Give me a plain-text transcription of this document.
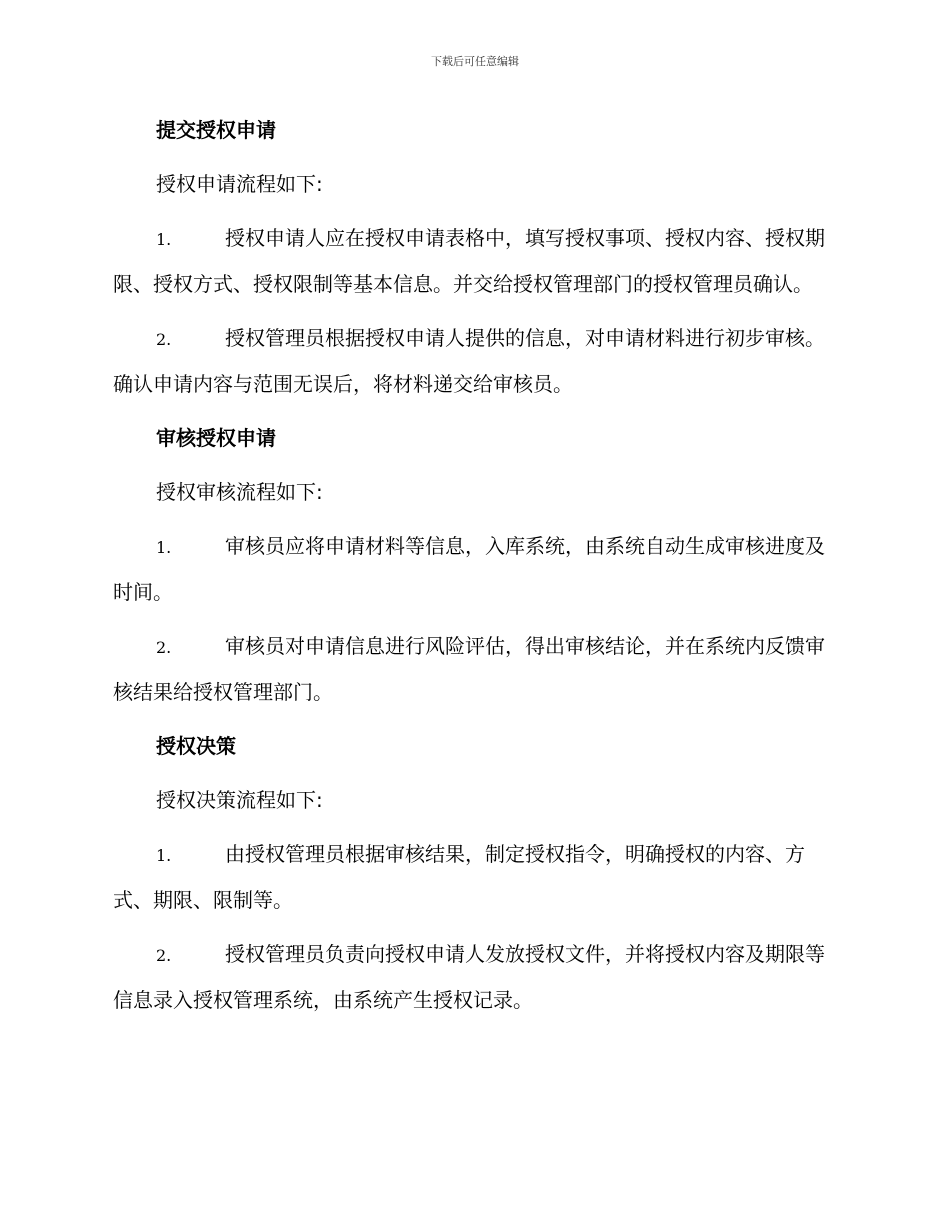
下载后可任意编辑
提交授权申请

授权申请流程如下:

1.	授权申请人应在授权申请表格中，填写授权事项、授权内容、授权期限、授权方式、授权限制等基本信息。并交给授权管理部门的授权管理员确认。

2.	授权管理员根据授权申请人提供的信息，对申请材料进行初步审核。确认申请内容与范围无误后，将材料递交给审核员。

审核授权申请

授权审核流程如下:

1.	审核员应将申请材料等信息，入库系统，由系统自动生成审核进度及时间。

2.	审核员对申请信息进行风险评估，得出审核结论，并在系统内反馈审核结果给授权管理部门。

授权决策

授权决策流程如下:

1.	由授权管理员根据审核结果，制定授权指令，明确授权的内容、方式、期限、限制等。

2.	授权管理员负责向授权申请人发放授权文件，并将授权内容及期限等信息录入授权管理系统，由系统产生授权记录。
